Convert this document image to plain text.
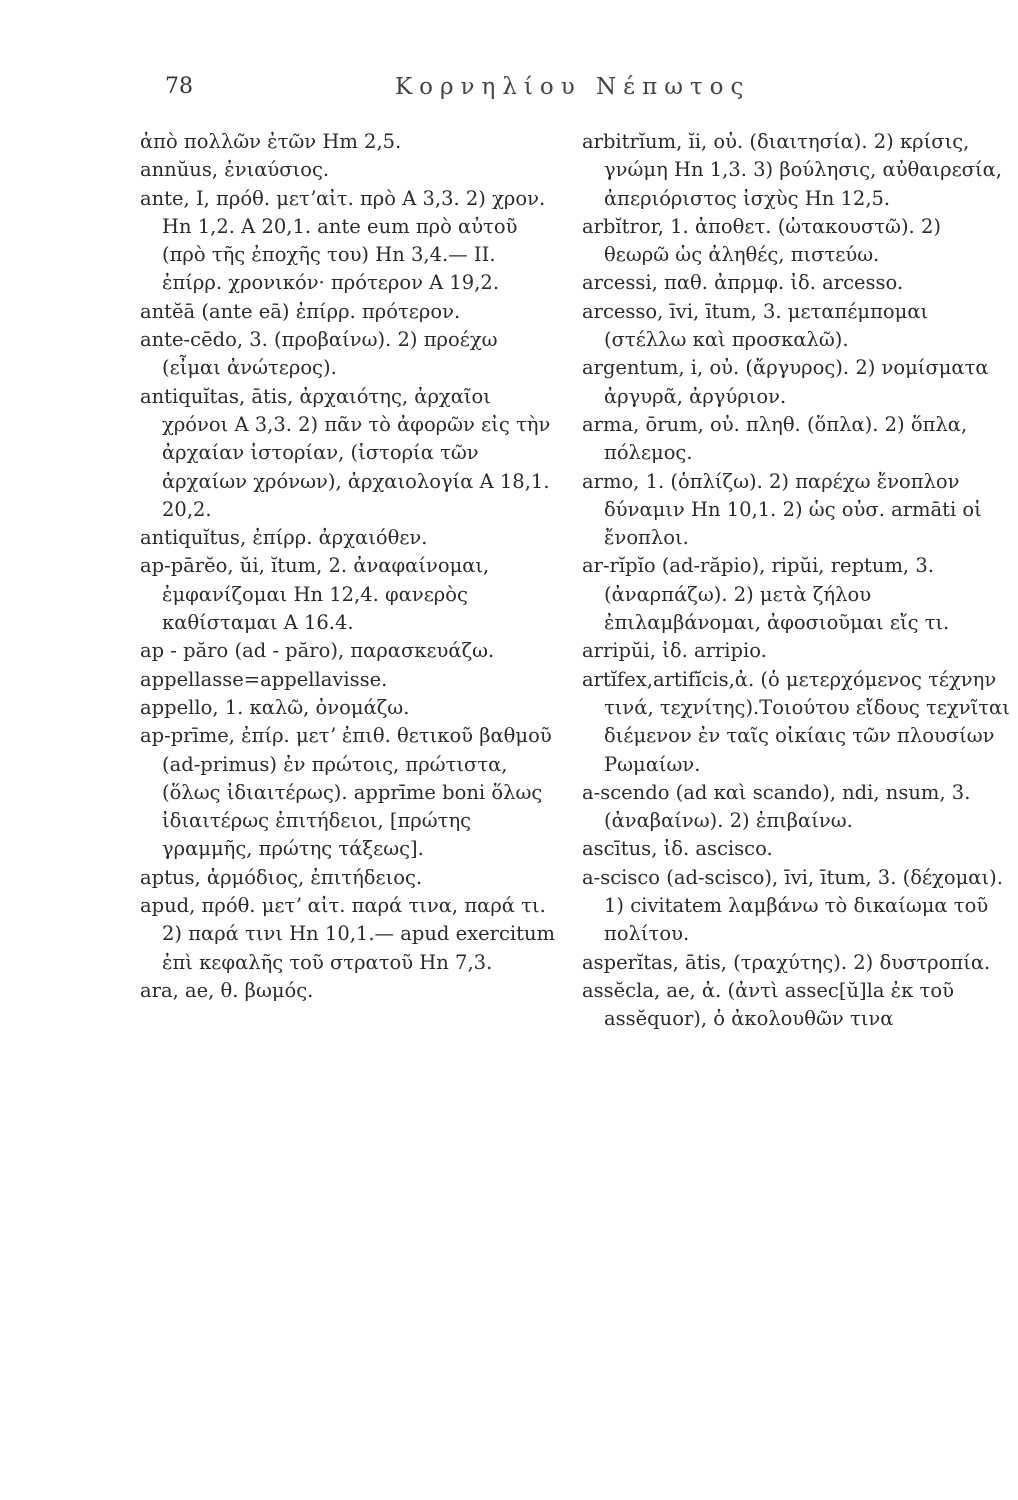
78	Κορνηλίου Νέπωτος

ἀπὸ πολλῶν ἐτῶν Hm 2,5.

annŭus, ἐνιαύσιος.

ante, I, πρόθ. μετʼαἰτ. πρὸ A 3,3. 2) χρον. Hn 1,2. A 20,1. ante eum πρὸ αὐτοῦ (πρὸ τῆς ἐποχῆς του) Hn 3,4.— II. ἐπίρρ. χρονικόν· πρότερον A 19,2.

antĕā (ante eā) ἐπίρρ. πρότερον.

ante-cēdo, 3. (προβαίνω). 2) προέχω (εἶμαι ἀνώτερος).

antiquĭtas, ātis, ἀρχαιότης, ἀρχαῖοι χρόνοι A 3,3. 2) πᾶν τὸ ἀφορῶν εἰς τὴν ἀρχαίαν ἱστορίαν, (ἱστορία τῶν ἀρχαίων χρόνων), ἀρχαιολογία A 18,1. 20,2.

antiquĭtus, ἐπίρρ. ἀρχαιόθεν.

ap-pārĕo, ŭi, ĭtum, 2. ἀναφαίνομαι, ἐμφανίζομαι Hn 12,4. φανερὸς καθίσταμαι A 16.4.

ap - păro (ad - păro), παρασκευάζω.

appellasse=appellavisse.

appello, 1. καλῶ, ὀνομάζω.

ap-prīme, ἐπίρ. μετʼ ἐπιθ. θετικοῦ βαθμοῦ (ad-primus) ἐν πρώτοις, πρώτιστα, (ὅλως ἰδιαιτέρως). apprīme boni ὅλως ἰδιαιτέρως ἐπιτήδειοι, [πρώτης γραμμῆς, πρώτης τάξεως].

aptus, ἁρμόδιος, ἐπιτήδειος.

apud, πρόθ. μετʼ αἰτ. παρά τινα, παρά τι. 2) παρά τινι Hn 10,1.— apud exercitum ἐπὶ κεφαλῆς τοῦ στρατοῦ Hn 7,3.

ara, ae, θ. βωμός.

arbitrĭum, ĭi, οὐ. (διαιτησία). 2) κρίσις, γνώμη Hn 1,3. 3) βούλησις, αὐθαιρεσία, ἀπεριόριστος ἰσχὺς Hn 12,5.

arbĭtror, 1. ἀποθετ. (ὠτακουστῶ). 2) θεωρῶ ὡς ἀληθές, πιστεύω.

arcessi, παθ. ἀπρμφ. ἰδ. arcesso.

arcesso, īvi, ītum, 3. μεταπέμπομαι (στέλλω καὶ προσκαλῶ).

argentum, i, οὐ. (ἄργυρος). 2) νομίσματα ἀργυρᾶ, ἀργύριον.

arma, ōrum, οὐ. πληθ. (ὅπλα). 2) ὅπλα, πόλεμος.

armo, 1. (ὁπλίζω). 2) παρέχω ἔνοπλον δύναμιν Hn 10,1. 2) ὡς οὐσ. armāti οἱ ἔνοπλοι.

ar-rĭpĭo (ad-răpio), ripŭi, reptum, 3. (ἀναρπάζω). 2) μετὰ ζήλου ἐπιλαμβάνομαι, ἀφοσιοῦμαι εἴς τι.

arripŭi, ἰδ. arripio.

artĭfex,artifĭcis,ἀ. (ὁ μετερχόμενος τέχνην τινά, τεχνίτης).Τοιούτου εἴδους τεχνῖται διέμενον ἐν ταῖς οἰκίαις τῶν πλουσίων Ρωμαίων.

a-scendo (ad καὶ scando), ndi, nsum, 3.(ἀναβαίνω). 2) ἐπιβαίνω.

ascītus, ἰδ. ascisco.

a-scisco (ad-scisco), īvi, ītum, 3. (δέχομαι). 1) civitatem λαμβάνω τὸ δικαίωμα τοῦ πολίτου.

asperĭtas, ātis, (τραχύτης). 2) δυστροπία.

assĕcla, ae, ἀ. (ἀντὶ assec[ŭ]la ἐκ τοῦ assĕquor), ὁ ἀκολουθῶν τινα
